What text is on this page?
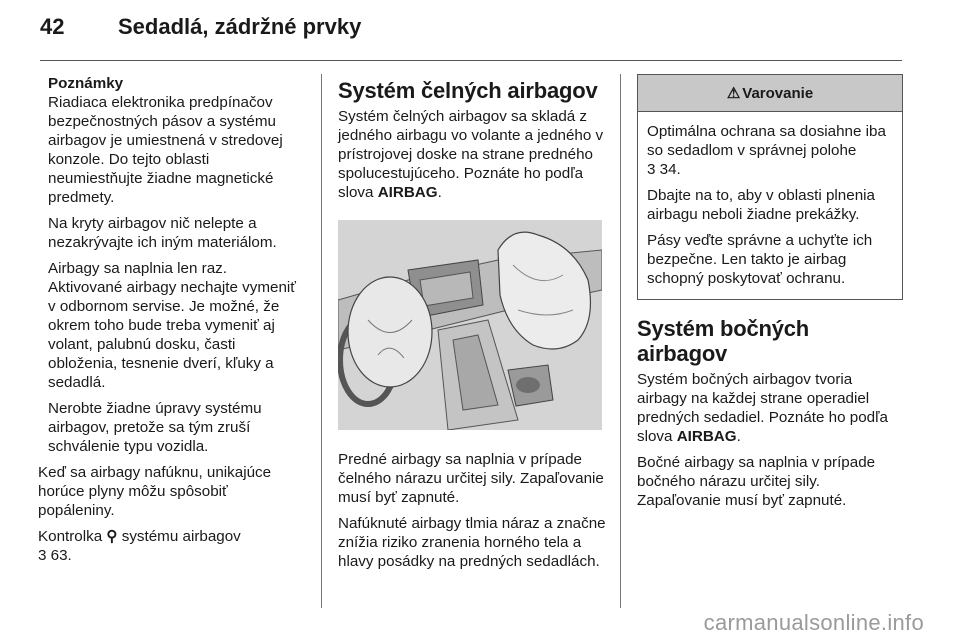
42 Sedadlá, zádržné prvky
Poznámky

Riadiaca elektronika predpínačov bezpečnostných pásov a systému airbagov je umiestnená v stredovej konzole. Do tejto oblasti neumiestňujte žiadne magnetické predmety.

Na kryty airbagov nič nelepte a nezakrývajte ich iným materiálom.

Airbagy sa naplnia len raz. Aktivované airbagy nechajte vymeniť v odbornom servise. Je možné, že okrem toho bude treba vymeniť aj volant, palubnú dosku, časti obloženia, tesnenie dverí, kľuky a sedadlá.

Nerobte žiadne úpravy systému airbagov, pretože sa tým zruší schválenie typu vozidla.

Keď sa airbagy nafúknu, unikajúce horúce plyny môžu spôsobiť popáleniny.

Kontrolka ⚲ systému airbagov
3 63.

Systém čelných airbagov

Systém čelných airbagov sa skladá z jedného airbagu vo volante a jedného v prístrojovej doske na strane predného spolucestujúceho. Poznáte ho podľa slova AIRBAG.

Predné airbagy sa naplnia v prípade čelného nárazu určitej sily. Zapaľovanie musí byť zapnuté.

Nafúknuté airbagy tlmia náraz a značne znížia riziko zranenia horného tela a hlavy posádky na predných sedadlách.

⚠ Varovanie

Optimálna ochrana sa dosiahne iba so sedadlom v správnej polohe
3 34.

Dbajte na to, aby v oblasti plnenia airbagu neboli žiadne prekážky.

Pásy veďte správne a uchyťte ich bezpečne. Len takto je airbag schopný poskytovať ochranu.

Systém bočných airbagov

Systém bočných airbagov tvoria airbagy na každej strane operadiel predných sedadiel. Poznáte ho podľa slova AIRBAG.

Bočné airbagy sa naplnia v prípade bočného nárazu určitej sily. Zapaľovanie musí byť zapnuté.

carmanualsonline.info
